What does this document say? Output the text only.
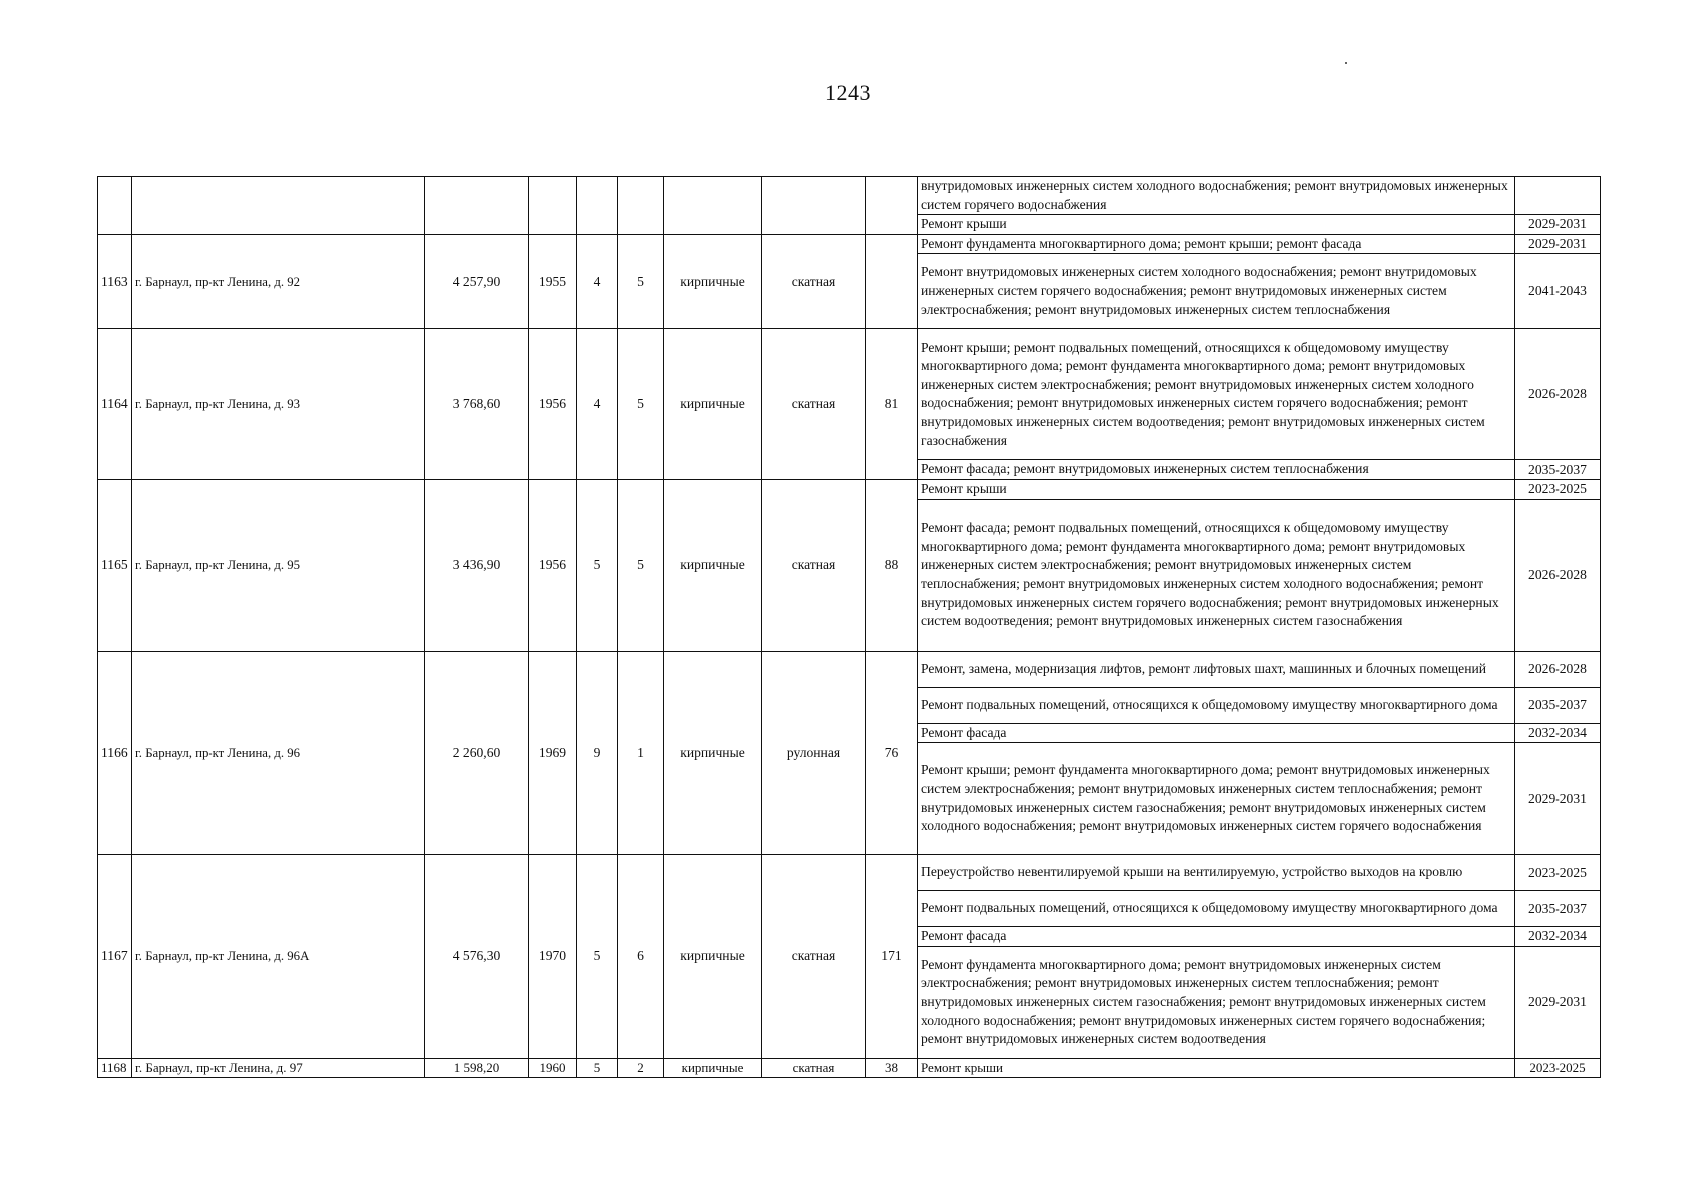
1243
									внутридомовых инженерных систем холодного водоснабжения; ремонт внутридомовых инженерных систем горячего водоснабжения	
									Ремонт крыши	2029-2031
1163	г. Барнаул, пр-кт Ленина, д. 92	4 257,90	1955	4	5	кирпичные	скатная		Ремонт фундамента многоквартирного дома; ремонт крыши; ремонт фасада	2029-2031
									Ремонт внутридомовых инженерных систем холодного водоснабжения; ремонт внутридомовых инженерных систем горячего водоснабжения; ремонт внутридомовых инженерных систем электроснабжения; ремонт внутридомовых инженерных систем теплоснабжения	2041-2043
1164	г. Барнаул, пр-кт Ленина, д. 93	3 768,60	1956	4	5	кирпичные	скатная	81	Ремонт крыши; ремонт подвальных помещений, относящихся к общедомовому имуществу многоквартирного дома; ремонт фундамента многоквартирного дома; ремонт внутридомовых инженерных систем электроснабжения; ремонт внутридомовых инженерных систем холодного водоснабжения; ремонт внутридомовых инженерных систем горячего водоснабжения; ремонт внутридомовых инженерных систем водоотведения; ремонт внутридомовых инженерных систем газоснабжения	2026-2028
									Ремонт фасада; ремонт внутридомовых инженерных систем теплоснабжения	2035-2037
1165	г. Барнаул, пр-кт Ленина, д. 95	3 436,90	1956	5	5	кирпичные	скатная	88	Ремонт крыши	2023-2025
									Ремонт фасада; ремонт подвальных помещений, относящихся к общедомовому имуществу многоквартирного дома; ремонт фундамента многоквартирного дома; ремонт внутридомовых инженерных систем электроснабжения; ремонт внутридомовых инженерных систем теплоснабжения; ремонт внутридомовых инженерных систем холодного водоснабжения; ремонт внутридомовых инженерных систем горячего водоснабжения; ремонт внутридомовых инженерных систем водоотведения; ремонт внутридомовых инженерных систем газоснабжения	2026-2028
1166	г. Барнаул, пр-кт Ленина, д. 96	2 260,60	1969	9	1	кирпичные	рулонная	76	Ремонт, замена, модернизация лифтов, ремонт лифтовых шахт, машинных и блочных помещений	2026-2028
									Ремонт подвальных помещений, относящихся к общедомовому имуществу многоквартирного дома	2035-2037
									Ремонт фасада	2032-2034
									Ремонт крыши; ремонт фундамента многоквартирного дома; ремонт внутридомовых инженерных систем электроснабжения; ремонт внутридомовых инженерных систем теплоснабжения; ремонт внутридомовых инженерных систем газоснабжения; ремонт внутридомовых инженерных систем холодного водоснабжения; ремонт внутридомовых инженерных систем горячего водоснабжения	2029-2031
1167	г. Барнаул, пр-кт Ленина, д. 96А	4 576,30	1970	5	6	кирпичные	скатная	171	Переустройство невентилируемой крыши на вентилируемую, устройство выходов на кровлю	2023-2025
									Ремонт подвальных помещений, относящихся к общедомовому имуществу многоквартирного дома	2035-2037
									Ремонт фасада	2032-2034
									Ремонт фундамента многоквартирного дома; ремонт внутридомовых инженерных систем электроснабжения; ремонт внутридомовых инженерных систем теплоснабжения; ремонт внутридомовых инженерных систем газоснабжения; ремонт внутридомовых инженерных систем холодного водоснабжения; ремонт внутридомовых инженерных систем горячего водоснабжения; ремонт внутридомовых инженерных систем водоотведения	2029-2031
1168	г. Барнаул, пр-кт Ленина, д. 97	1 598,20	1960	5	2	кирпичные	скатная	38	Ремонт крыши	2023-2025
